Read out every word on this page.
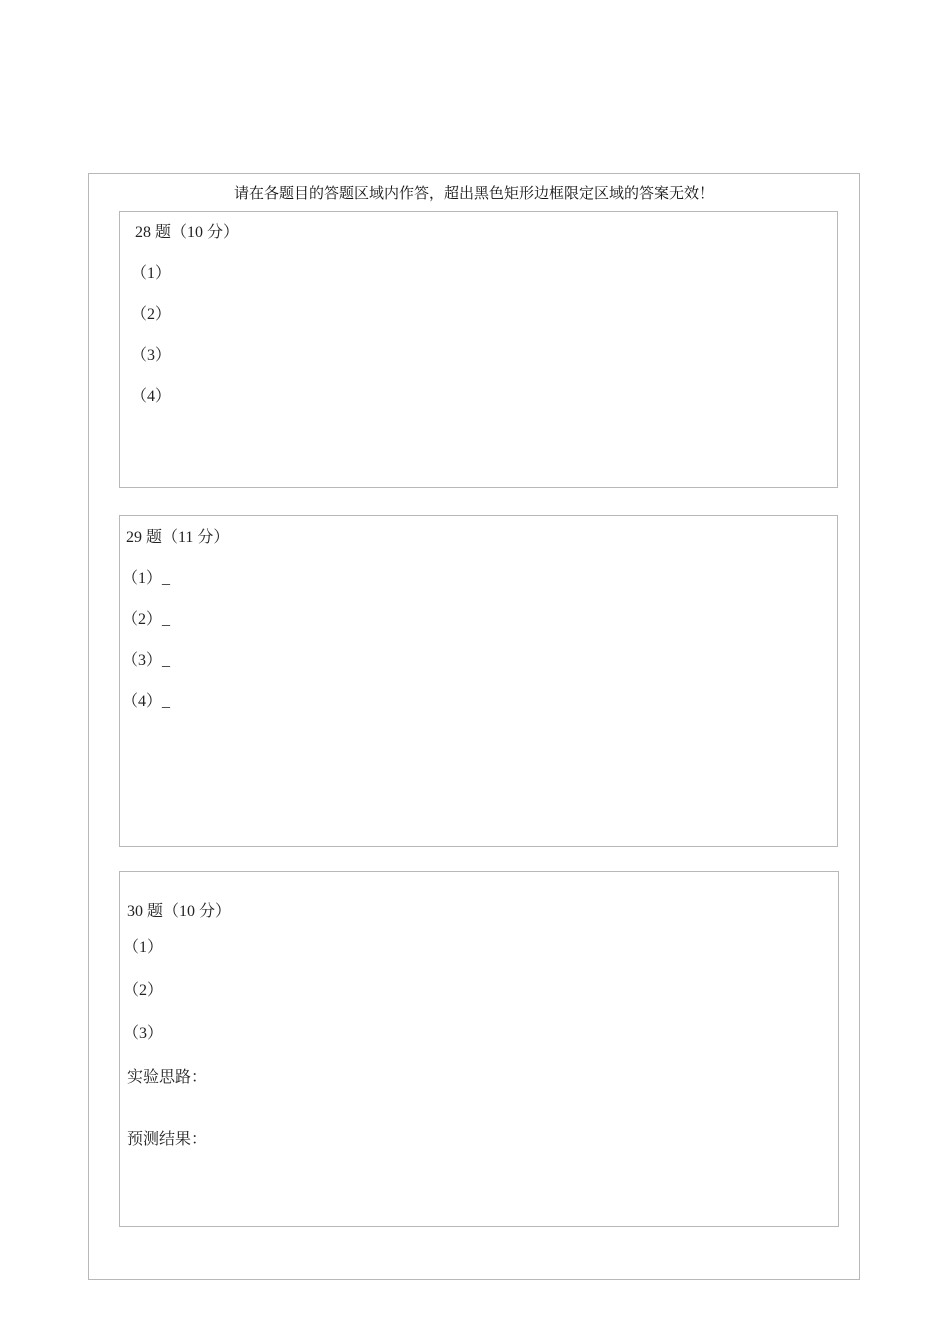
请在各题目的答题区域内作答，超出黑色矩形边框限定区域的答案无效！
28 题（10 分）
（1）
（2）
（3）
（4）
29 题（11 分）
（1）_
（2）_
（3）_
（4）_
30 题（10 分）
（1）
（2）
（3）
实验思路：
预测结果：
